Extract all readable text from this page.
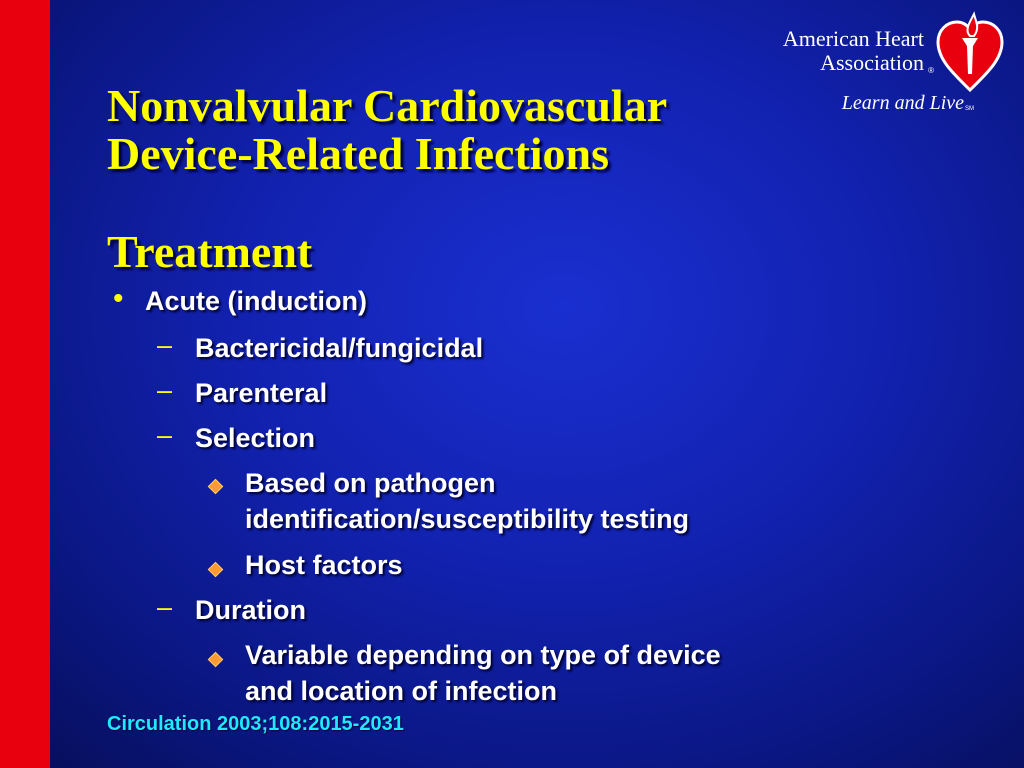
American Heart
Association ®
Learn and Live SM
Nonvalvular Cardiovascular
Device-Related Infections
Treatment
• Acute (induction)
– Bactericidal/fungicidal
– Parenteral
– Selection
Based on pathogen
identification/susceptibility testing
Host factors
– Duration
Variable depending on type of device
and location of infection
Circulation 2003;108:2015-2031
